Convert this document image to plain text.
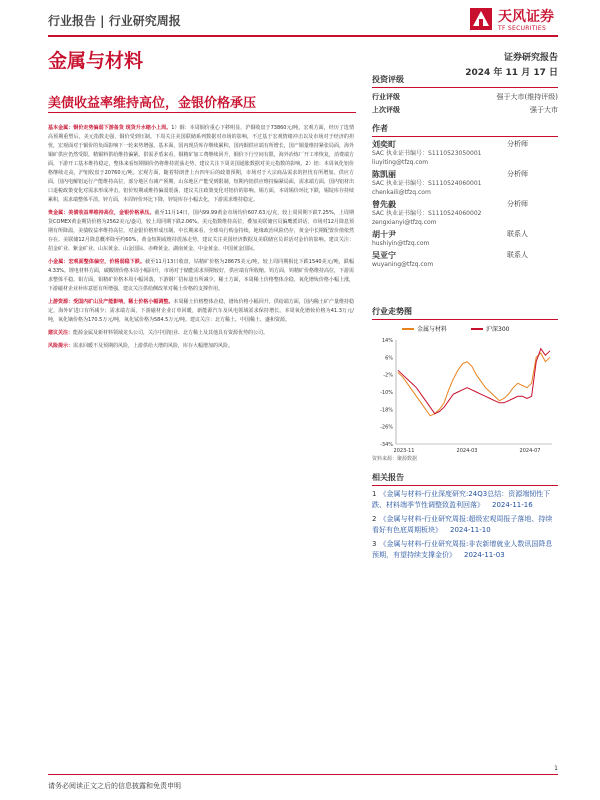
行业报告 | 行业研究周报	天风证券
TF SECURITIES
金属与材料	证券研究报告
2024 年 11 月 17 日
美债收益率维持高位，金银价格承压

基本金属：铜价走势偏弱下游备货 现货升水缩小上周。1）铜：本周铜价重心下移明显，沪铜收盘于73860元/吨。宏观方面，经历了选情高预期重塑后，美元指数走强，铜价受到压制。下周关注美国联储系列数据对市场的影响，不过基于宏观情绪冲击以及市场对于经济的担忧，宏观面对于铜价的负面影响下一轮来势增强。基本面，国内现货库存继续累积，国内铜供应端有所增长，国产铜量维持紧张局面，海外铜矿供应仍然受限，精铜料供给维持偏紧。供需矛盾来看，铜精矿加工费继续回升，铜价下行空间有限，海外冶炼厂开工率恢复，消费端方面，下游开工基本维持稳定，整体来看短期铜价仍将维持震荡走势，建议关注下周美国通胀数据对美元指数的影响。2）铝：本周氧化铝价格继续走高，沪铝收盘于20760元/吨。宏观方面，随着特朗普上台四年后的政策预期，市场对于大宗商品需求的担忧有所增加。供应方面，国内电解铝运行产能维持高位，部分地区有减产预期，山东地区产能受到限制，短期内铝供应维持偏紧局面，需求端方面，国内铝材出口退税政策变化对需求形成冲击，铝价短期或维持偏弱震荡，建议关注政策变化对铝价的影响。锡方面，本周锡价环比下跌，锡锭库存持续累积，需求端整体平淡。锌方面，本周锌价环比下降，锌锭库存小幅去化，下游需求维持稳定。

贵金属：美债收益率维持高位，金银价格承压。截至11月14日，国内99.99黄金市场均价607.63元/克，较上周同期下跌7.25%，上周期货COMEX黄金期货价格为2562美元/盎司，较上周同期下跌2.06%。美元指数维持高位，叠加美联储官员偏鹰派讲话，市场对12月降息预期有所降温，美债收益率维持高位，对金银价格形成压制。中长期来看，全球央行购金持续，地缘政治风险仍存，黄金中长期配置价值依然存在。美联储12月降息概率降至约60%，黄金短期或维持震荡走势，建议关注美国经济数据及美联储官员讲话对金价的影响。建议关注：招金矿业、紫金矿业、山东黄金、山金国际、赤峰黄金、湖南黄金、中金黄金、中国黄金国际。

小金属：宏观面整体偏空，价格弱稳下跌。截至11月13日收盘，钴精矿价格为28675美元/吨，较上周同期相比下跌1540美元/吨，跌幅4.33%。锂电材料方面，碳酸锂价格本周小幅回升，市场对于储能需求预期较好，供应端有所收缩。钨方面，钨精矿价格维持高位，下游需求整体平稳。钼方面，钼精矿价格本周小幅回落，下游钢厂招标量有所减少。稀土方面，本周稀土价格整体企稳，氧化镨钕价格小幅上涨，下游磁材企业补库意愿有所增强，建议关注供给侧改革对稀土价格的支撑作用。

上游资源：受国内矿山及产能影响，稀土价格小幅调整。本周稀土价格整体企稳，镨钕价格小幅回升。供给端方面，国内稀土矿产量维持稳定，海外矿进口有所减少；需求端方面，下游磁材企业订单回暖，新能源汽车及风电领域需求保持增长。本周氧化镨钕价格为41.3万元/吨，氧化镝价格为170.5万元/吨，氧化铽价格为584.5万元/吨。建议关注：北方稀土、中国稀土、盛和资源。

建议关注：能源金属及新材料领域龙头公司，关注中国铝业、北方稀土及其他具有资源优势的公司。

风险提示：需求回暖不及预期的风险，上游供给大增的风险，库存大幅增加的风险。

投资评级
行业评级	强于大市(维持评级)
上次评级	强于大市
作者
刘奕町	分析师
SAC 执业证书编号：S1110523050001
liuyiting@tfzq.com
陈凯丽	分析师
SAC 执业证书编号：S1110524060001
chenkaili@tfzq.com
曾先毅	分析师
SAC 执业证书编号：S1110524060002
zengxianyi@tfzq.com
胡十尹	联系人
hushiyin@tfzq.com
吴亚宁	联系人
wuyaning@tfzq.com
行业走势图
金属与材料	沪深300
14%
6%
-2%
-10%
-18%
-26%
-34%
2023-11	2024-03	2024-07
资料来源：聚源数据
相关报告
1 《金属与材料-行业深度研究:24Q3总结：资源端韧性下跌、材料端季节性调整致盈利回落》 2024-11-16
2 《金属与材料-行业研究周报:超级宏观周报子落地、持续看好有色底周期板块》 2024-11-10
3 《金属与材料-行业研究周报:非农新增就业人数讯国降息预期，有望持续支撑金价》 2024-11-03
1
请务必阅读正文之后的信息披露和免责申明
